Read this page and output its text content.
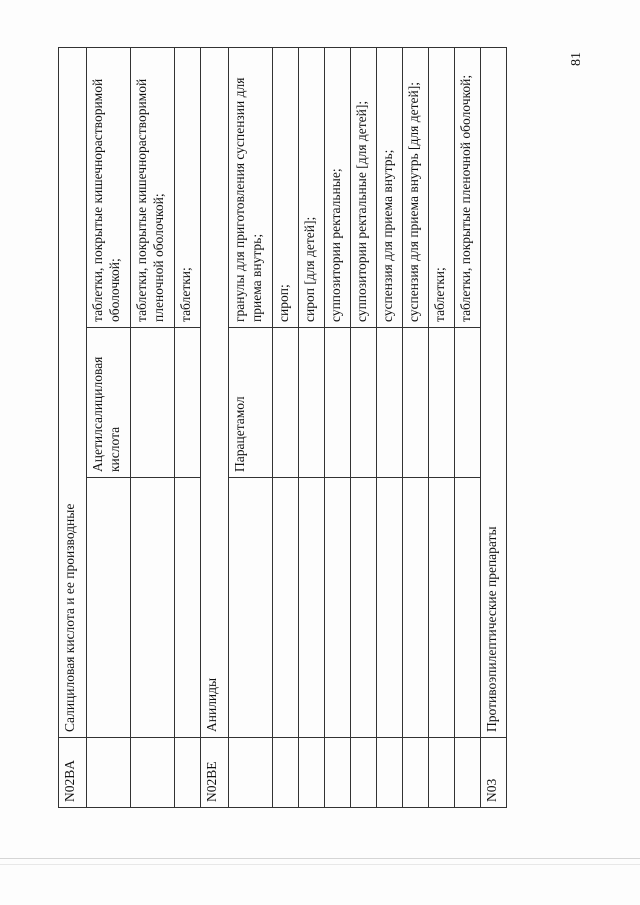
N02BA	Салициловая кислота и ее производные		
		Ацетилсалициловая кислота	таблетки, покрытые кишечнорастворимой оболочкой;
			таблетки, покрытые кишечнорастворимой пленочной оболочкой;
			таблетки;
N02BE	Анилиды		
		Парацетамол	гранулы для приготовления суспензии для приема внутрь;
			сироп;
			сироп [для детей];
			суппозитории ректальные;
			суппозитории ректальные [для детей];
			суспензия для приема внутрь;
			суспензия для приема внутрь [для детей];
			таблетки;
			таблетки, покрытые пленочной оболочкой;
N03	Противоэпилептические препараты		
81
